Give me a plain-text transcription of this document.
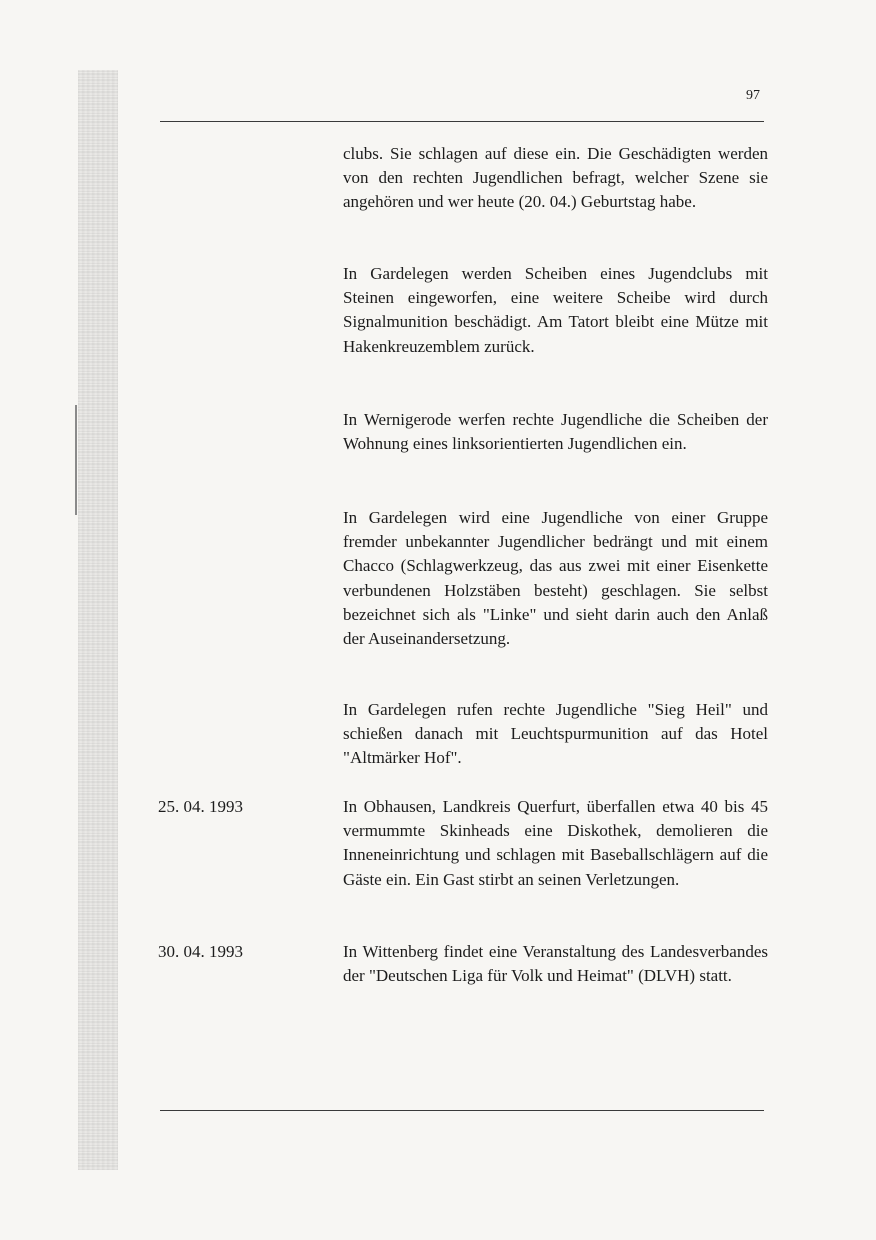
97

clubs. Sie schlagen auf diese ein. Die Geschädigten werden von den rechten Jugendlichen befragt, welcher Szene sie angehören und wer heute (20. 04.) Geburtstag habe.

In Gardelegen werden Scheiben eines Jugendclubs mit Steinen eingeworfen, eine weitere Scheibe wird durch Signalmunition beschädigt. Am Tatort bleibt eine Mütze mit Hakenkreuzemblem zurück.

In Wernigerode werfen rechte Jugendliche die Scheiben der Wohnung eines linksorientierten Jugendlichen ein.

In Gardelegen wird eine Jugendliche von einer Gruppe fremder unbekannter Jugendlicher bedrängt und mit einem Chacco (Schlagwerkzeug, das aus zwei mit einer Eisenkette verbundenen Holzstäben besteht) geschlagen. Sie selbst bezeichnet sich als "Linke" und sieht darin auch den Anlaß der Auseinandersetzung.

In Gardelegen rufen rechte Jugendliche "Sieg Heil" und schießen danach mit Leuchtspurmunition auf das Hotel "Altmärker Hof".

25. 04. 1993	In Obhausen, Landkreis Querfurt, überfallen etwa 40 bis 45 vermummte Skinheads eine Diskothek, demolieren die Inneneinrichtung und schlagen mit Baseballschlägern auf die Gäste ein. Ein Gast stirbt an seinen Verletzungen.

30. 04. 1993	In Wittenberg findet eine Veranstaltung des Landesverbandes der "Deutschen Liga für Volk und Heimat" (DLVH) statt.
